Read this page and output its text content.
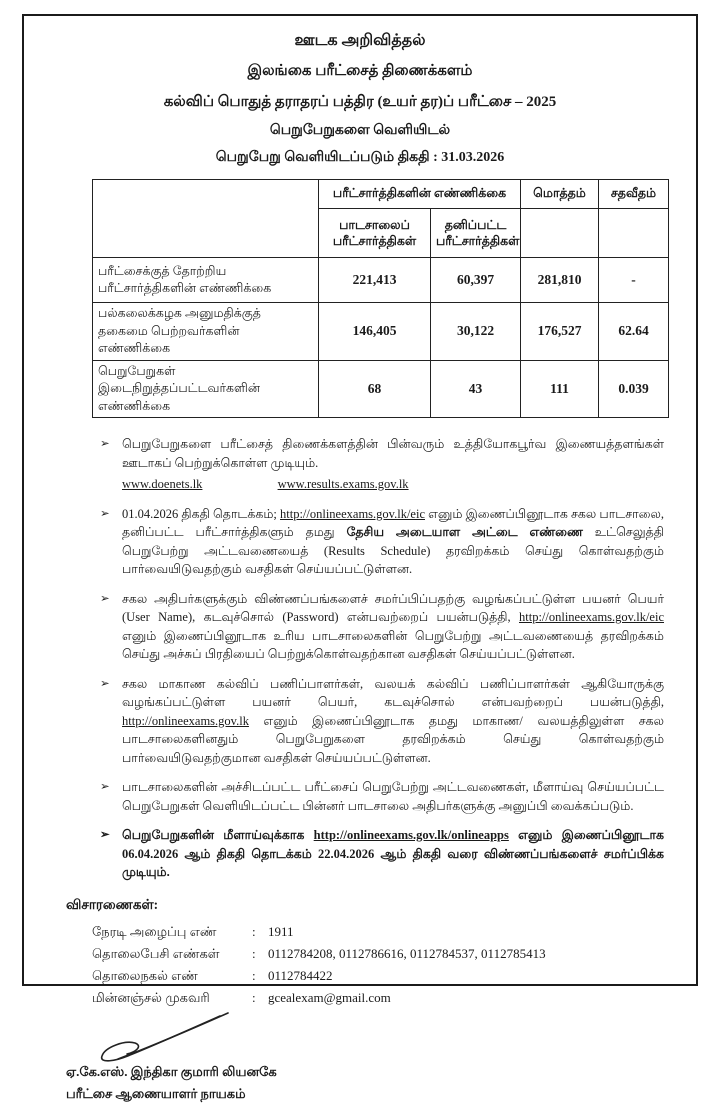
ஊடக அறிவித்தல்
இலங்கை பரீட்சைத் திணைக்களம்
கல்விப் பொதுத் தராதரப் பத்திர (உயர் தர)ப் பரீட்சை – 2025
பெறுபேறுகளை வெளியிடல்
பெறுபேறு வெளியிடப்படும் திகதி : 31.03.2026
	பரீட்சார்த்திகளின் எண்ணிக்கை		மொத்தம்	சதவீதம்
	பாடசாலைப் பரீட்சார்த்திகள்	தனிப்பட்ட பரீட்சார்த்திகள்		
பரீட்சைக்குத் தோற்றிய பரீட்சார்த்திகளின் எண்ணிக்கை	221,413	60,397	281,810	-
பல்கலைக்கழக அனுமதிக்குத் தகைமை பெற்றவர்களின் எண்ணிக்கை	146,405	30,122	176,527	62.64
பெறுபேறுகள் இடைநிறுத்தப்பட்டவர்களின் எண்ணிக்கை	68	43	111	0.039
➢ பெறுபேறுகளை பரீட்சைத் திணைக்களத்தின் பின்வரும் உத்தியோகபூர்வ இணையத்தளங்கள் ஊடாகப் பெற்றுக்கொள்ள முடியும்.
www.doenets.lk	www.results.exams.gov.lk
➢ 01.04.2026 திகதி தொடக்கம்; http://onlineexams.gov.lk/eic எனும் இணைப்பினூடாக சகல பாடசாலை, தனிப்பட்ட பரீட்சார்த்திகளும் தமது தேசிய அடையாள அட்டை எண்ணை உட்செலுத்தி பெறுபேற்று அட்டவணையைத் (Results Schedule) தரவிறக்கம் செய்து கொள்வதற்கும் பார்வையிடுவதற்கும் வசதிகள் செய்யப்பட்டுள்ளன.
➢ சகல அதிபர்களுக்கும் விண்ணப்பங்களைச் சமர்ப்பிப்பதற்கு வழங்கப்பட்டுள்ள பயனர் பெயர் (User Name), கடவுச்சொல் (Password) என்பவற்றைப் பயன்படுத்தி, http://onlineexams.gov.lk/eic எனும் இணைப்பினூடாக உரிய பாடசாலைகளின் பெறுபேற்று அட்டவணையைத் தரவிறக்கம் செய்து அச்சுப் பிரதியைப் பெற்றுக்கொள்வதற்கான வசதிகள் செய்யப்பட்டுள்ளன.
➢ சகல மாகாண கல்விப் பணிப்பாளர்கள், வலயக் கல்விப் பணிப்பாளர்கள் ஆகியோருக்கு வழங்கப்பட்டுள்ள பயனர் பெயர், கடவுச்சொல் என்பவற்றைப் பயன்படுத்தி, http://onlineexams.gov.lk எனும் இணைப்பினூடாக தமது மாகாண/ வலயத்திலுள்ள சகல பாடசாலைகளினதும் பெறுபேறுகளை தரவிறக்கம் செய்து கொள்வதற்கும் பார்வையிடுவதற்குமான வசதிகள் செய்யப்பட்டுள்ளன.
➢ பாடசாலைகளின் அச்சிடப்பட்ட பரீட்சைப் பெறுபேற்று அட்டவணைகள், மீளாய்வு செய்யப்பட்ட பெறுபேறுகள் வெளியிடப்பட்ட பின்னர் பாடசாலை அதிபர்களுக்கு அனுப்பி வைக்கப்படும்.
➢ பெறுபேறுகளின் மீளாய்வுக்காக http://onlineexams.gov.lk/onlineapps எனும் இணைப்பினூடாக 06.04.2026 ஆம் திகதி தொடக்கம் 22.04.2026 ஆம் திகதி வரை விண்ணப்பங்களைச் சமர்ப்பிக்க முடியும்.
விசாரணைகள்:
நேரடி அழைப்பு எண்	: 1911
தொலைபேசி எண்கள்	: 0112784208, 0112786616, 0112784537, 0112785413
தொலைநகல் எண்	: 0112784422
மின்னஞ்சல் முகவரி	: gcealexam@gmail.com
ஏ.கே.எஸ். இந்திகா குமாரி லியனகே
பரீட்சை ஆணையாளர் நாயகம்
